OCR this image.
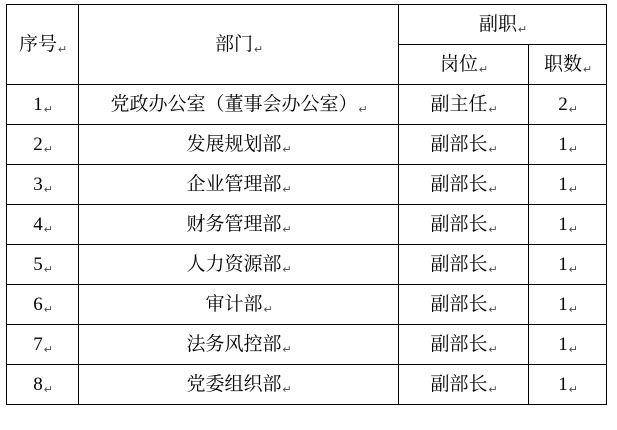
序号↵	部门↵	副职↵	
		岗位↵	职数↵
1↵	党政办公室（董事会办公室）↵	副主任↵	2↵
2↵	发展规划部↵	副部长↵	1↵
3↵	企业管理部↵	副部长↵	1↵
4↵	财务管理部↵	副部长↵	1↵
5↵	人力资源部↵	副部长↵	1↵
6↵	审计部↵	副部长↵	1↵
7↵	法务风控部↵	副部长↵	1↵
8↵	党委组织部↵	副部长↵	1↵
